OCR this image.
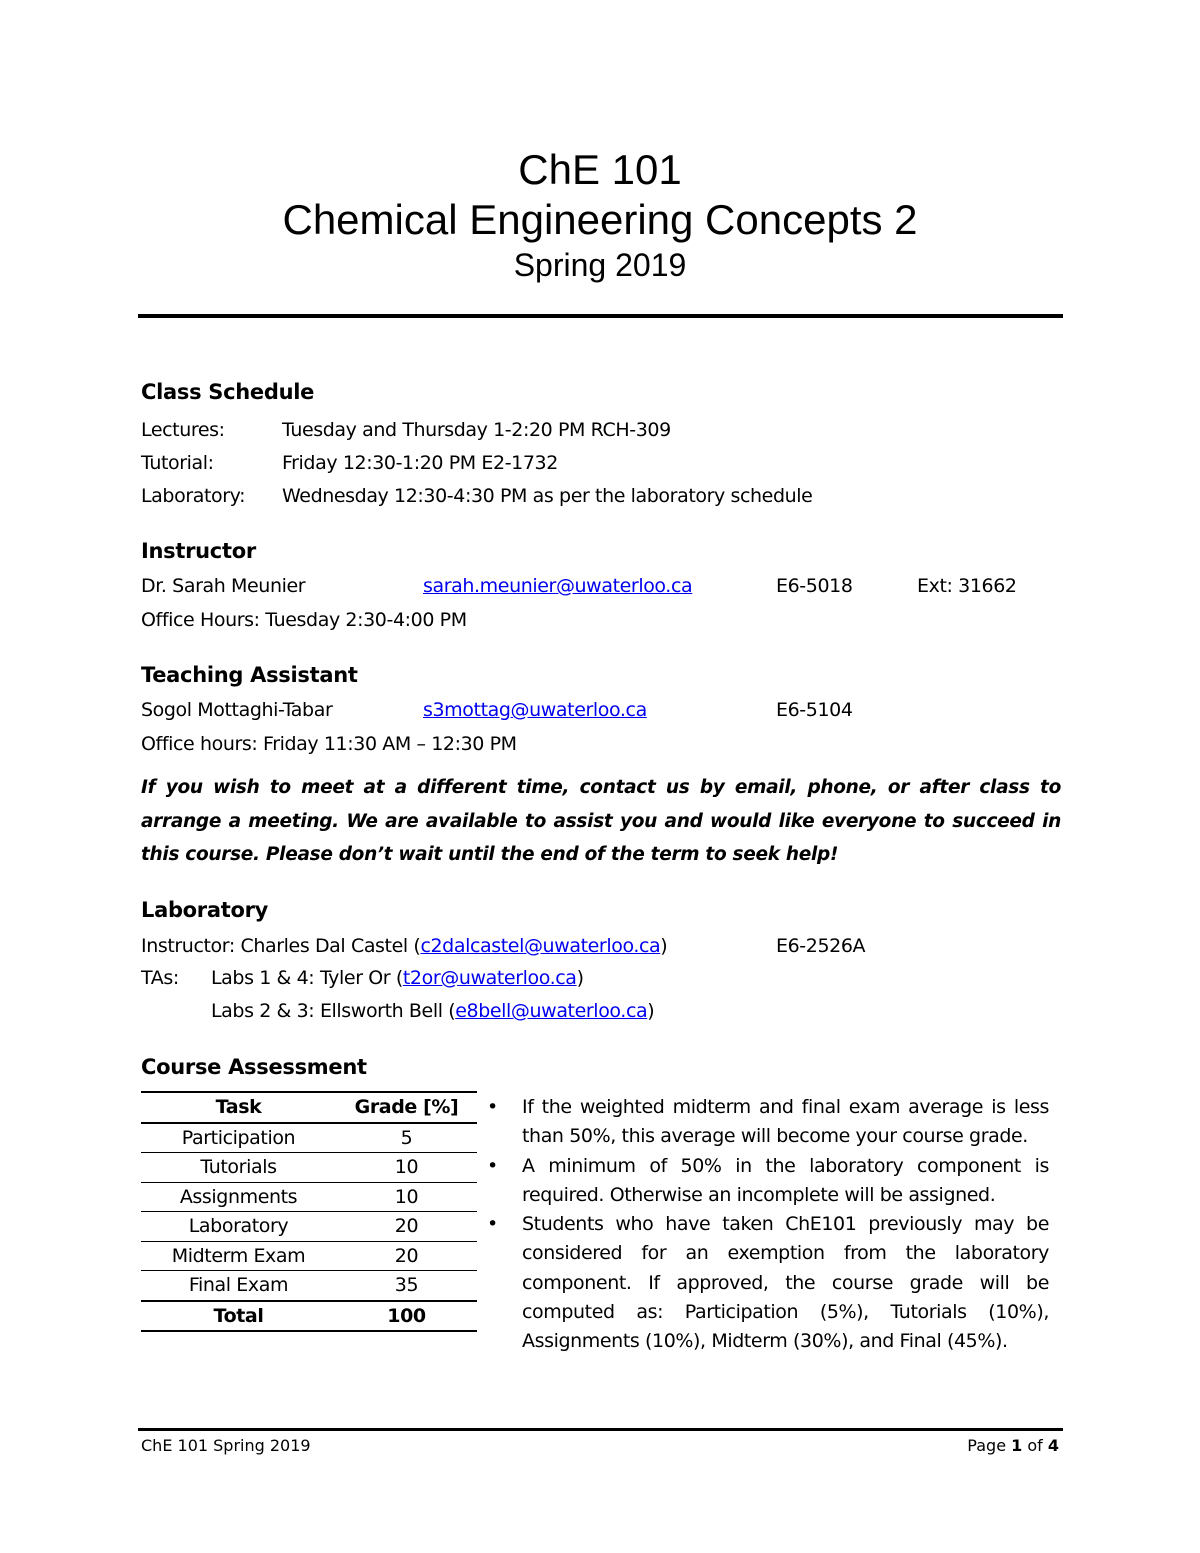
ChE 101
Chemical Engineering Concepts 2
Spring 2019
Class Schedule
Lectures:	Tuesday and Thursday 1-2:20 PM RCH-309
Tutorial:	Friday 12:30-1:20 PM E2-1732
Laboratory: Wednesday 12:30-4:30 PM as per the laboratory schedule
Instructor
Dr. Sarah Meunier	sarah.meunier@uwaterloo.ca	E6-5018	Ext: 31662
Office Hours: Tuesday 2:30-4:00 PM
Teaching Assistant
Sogol Mottaghi-Tabar	s3mottag@uwaterloo.ca	E6-5104
Office hours: Friday 11:30 AM – 12:30 PM
If you wish to meet at a different time, contact us by email, phone, or after class to arrange a meeting. We are available to assist you and would like everyone to succeed in this course. Please don’t wait until the end of the term to seek help!
Laboratory
Instructor: Charles Dal Castel (c2dalcastel@uwaterloo.ca)	E6-2526A
TAs: Labs 1 & 4: Tyler Or (t2or@uwaterloo.ca)
Labs 2 & 3: Ellsworth Bell (e8bell@uwaterloo.ca)
Course Assessment
Task	Grade [%]
Participation	5
Tutorials	10
Assignments	10
Laboratory	20
Midterm Exam	20
Final Exam	35
Total	100
• If the weighted midterm and final exam average is less than 50%, this average will become your course grade.
• A minimum of 50% in the laboratory component is required. Otherwise an incomplete will be assigned.
• Students who have taken ChE101 previously may be considered for an exemption from the laboratory component. If approved, the course grade will be computed as: Participation (5%), Tutorials (10%), Assignments (10%), Midterm (30%), and Final (45%).
ChE 101 Spring 2019	Page 1 of 4
